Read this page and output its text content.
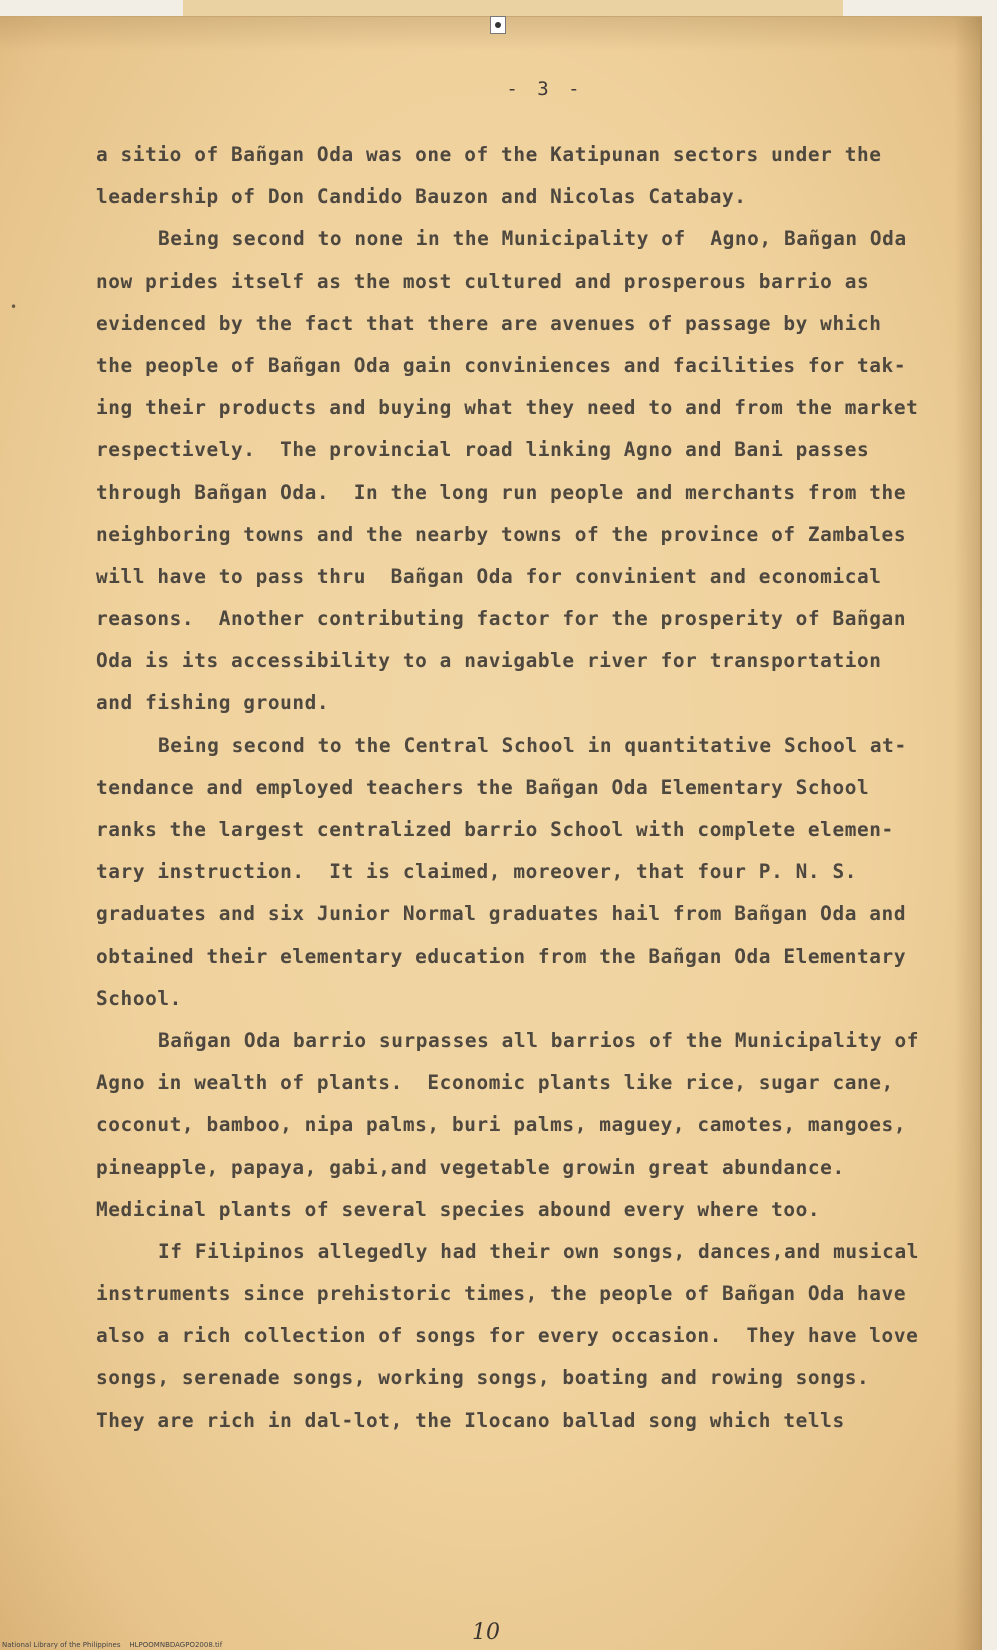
•
- 3 -
a sitio of Bañgan Oda was one of the Katipunan sectors under the
leadership of Don Candido Bauzon and Nicolas Catabay.
Being second to none in the Municipality of  Agno, Bañgan Oda
now prides itself as the most cultured and prosperous barrio as
evidenced by the fact that there are avenues of passage by which
the people of Bañgan Oda gain conviniences and facilities for tak-
ing their products and buying what they need to and from the market
respectively.  The provincial road linking Agno and Bani passes
through Bañgan Oda.  In the long run people and merchants from the
neighboring towns and the nearby towns of the province of Zambales
will have to pass thru  Bañgan Oda for convinient and economical
reasons.  Another contributing factor for the prosperity of Bañgan
Oda is its accessibility to a navigable river for transportation
and fishing ground.
Being second to the Central School in quantitative School at-
tendance and employed teachers the Bañgan Oda Elementary School
ranks the largest centralized barrio School with complete elemen-
tary instruction.  It is claimed, moreover, that four P. N. S.
graduates and six Junior Normal graduates hail from Bañgan Oda and
obtained their elementary education from the Bañgan Oda Elementary
School.
Bañgan Oda barrio surpasses all barrios of the Municipality of
Agno in wealth of plants.  Economic plants like rice, sugar cane,
coconut, bamboo, nipa palms, buri palms, maguey, camotes, mangoes,
pineapple, papaya, gabi,and vegetable growin great abundance.
Medicinal plants of several species abound every where too.
If Filipinos allegedly had their own songs, dances,and musical
instruments since prehistoric times, the people of Bañgan Oda have
also a rich collection of songs for every occasion.  They have love
songs, serenade songs, working songs, boating and rowing songs.
They are rich in dal-lot, the Ilocano ballad song which tells
10
National Library of the Philippines    HLPOOMNBDAGPO2008.tif
